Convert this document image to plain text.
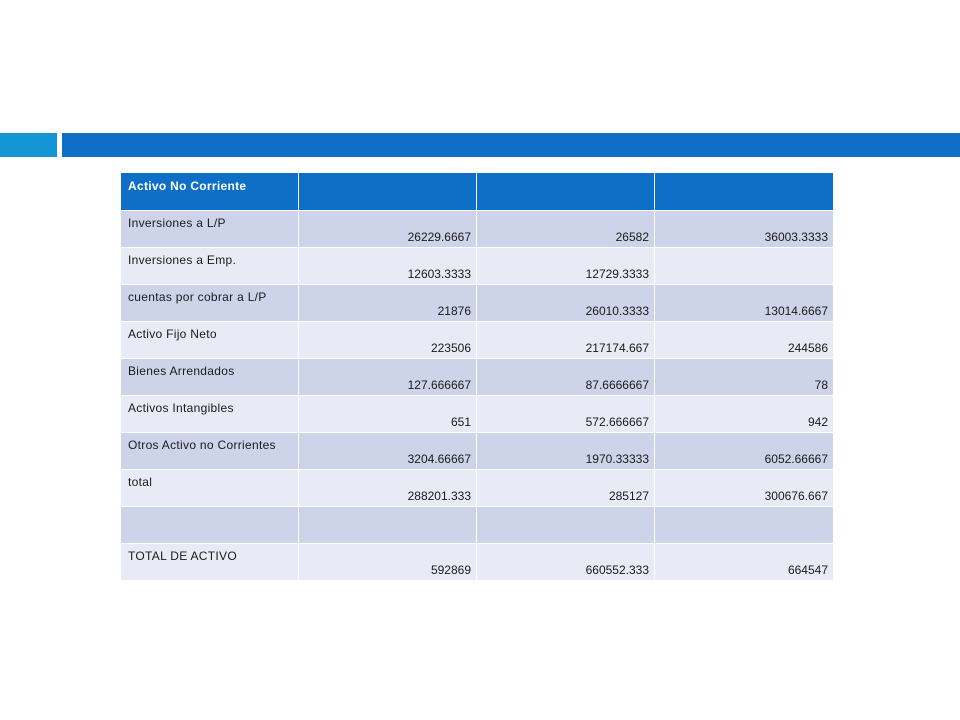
Activo No Corriente			
Inversiones a L/P	26229.6667	26582	36003.3333
Inversiones a Emp.	12603.3333	12729.3333	
cuentas por cobrar a L/P	21876	26010.3333	13014.6667
Activo Fijo Neto	223506	217174.667	244586
Bienes Arrendados	127.666667	87.6666667	78
Activos Intangibles	651	572.666667	942
Otros Activo no Corrientes	3204.66667	1970.33333	6052.66667
total	288201.333	285127	300676.667

TOTAL DE ACTIVO	592869	660552.333	664547
